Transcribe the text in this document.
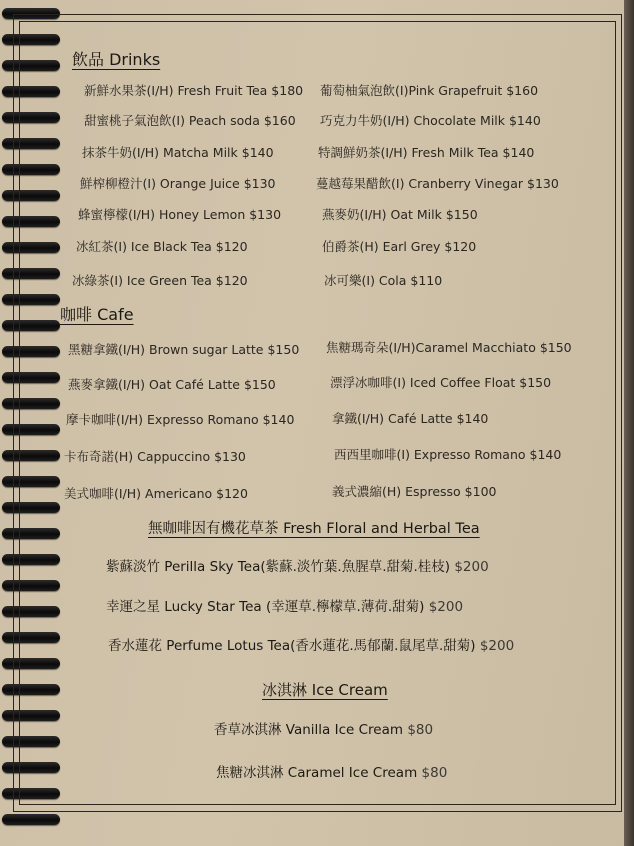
飲品 Drinks
新鮮水果茶(I/H) Fresh Fruit Tea $180 葡萄柚氣泡飲(I)Pink Grapefruit $160
甜蜜桃子氣泡飲(I) Peach soda $160 巧克力牛奶(I/H) Chocolate Milk $140
抹茶牛奶(I/H) Matcha Milk $140	特調鮮奶茶(I/H) Fresh Milk Tea $140
鮮榨柳橙汁(I) Orange Juice $130	蔓越莓果醋飲(I) Cranberry Vinegar $130
蜂蜜檸檬(I/H) Honey Lemon $130	燕麥奶(I/H) Oat Milk $150
冰紅茶(I) Ice Black Tea $120	伯爵茶(H) Earl Grey $120
冰綠茶(I) Ice Green Tea $120	冰可樂(I) Cola $110
咖啡 Cafe
黑糖拿鐵(I/H) Brown sugar Latte $150 焦糖瑪奇朵(I/H)Caramel Macchiato $150
燕麥拿鐵(I/H) Oat Café Latte $150	漂浮冰咖啡(I) Iced Coffee Float $150
摩卡咖啡(I/H) Expresso Romano $140	拿鐵(I/H) Café Latte $140
卡布奇諾(H) Cappuccino $130	西西里咖啡(I) Expresso Romano $140
美式咖啡(I/H) Americano $120	義式濃縮(H) Espresso $100
無咖啡因有機花草茶 Fresh Floral and Herbal Tea
紫蘇淡竹 Perilla Sky Tea(紫蘇.淡竹葉.魚腥草.甜菊.桂枝) $200
幸運之星 Lucky Star Tea (幸運草.檸檬草.薄荷.甜菊) $200
香水蓮花 Perfume Lotus Tea(香水蓮花.馬郁蘭.鼠尾草.甜菊) $200
冰淇淋 Ice Cream
香草冰淇淋 Vanilla Ice Cream $80
焦糖冰淇淋 Caramel Ice Cream $80
